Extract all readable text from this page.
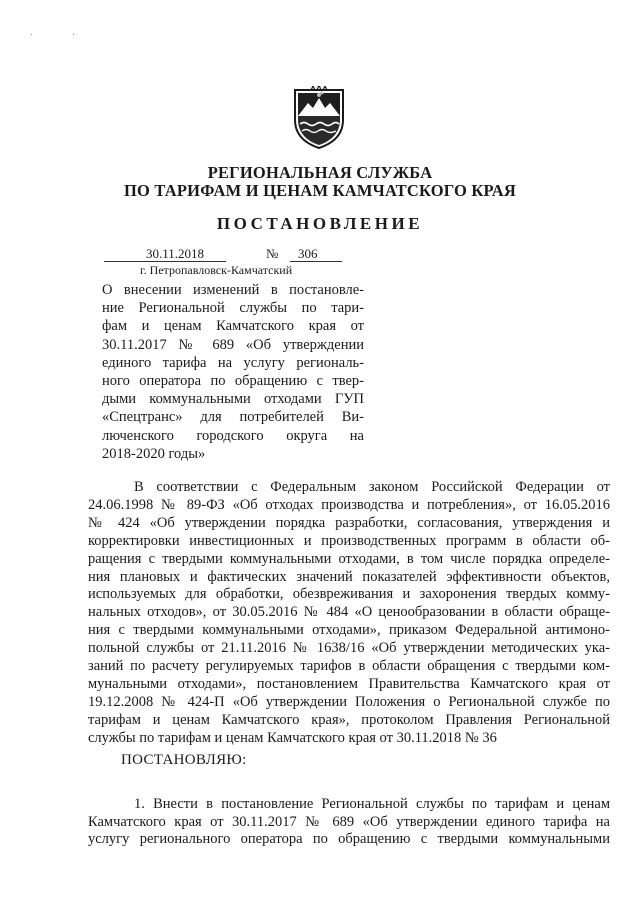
· ·
РЕГИОНАЛЬНАЯ СЛУЖБА
ПО ТАРИФАМ И ЦЕНАМ КАМЧАТСКОГО КРАЯ
ПОСТАНОВЛЕНИЕ
30.11.2018	№ 306
г. Петропавловск-Камчатский
О внесении изменений в постановле-
ние Региональной службы по тари-
фам и ценам Камчатского края от
30.11.2017 № 689 «Об утверждении
единого тарифа на услугу региональ-
ного оператора по обращению с твер-
дыми коммунальными отходами ГУП
«Спецтранс» для потребителей Ви-
люченского городского округа на
2018-2020 годы»
В соответствии с Федеральным законом Российской Федерации от
24.06.1998 № 89-ФЗ «Об отходах производства и потребления», от 16.05.2016
№ 424 «Об утверждении порядка разработки, согласования, утверждения и
корректировки инвестиционных и производственных программ в области об-
ращения с твердыми коммунальными отходами, в том числе порядка определе-
ния плановых и фактических значений показателей эффективности объектов,
используемых для обработки, обезвреживания и захоронения твердых комму-
нальных отходов», от 30.05.2016 № 484 «О ценообразовании в области обраще-
ния с твердыми коммунальными отходами», приказом Федеральной антимоно-
польной службы от 21.11.2016 № 1638/16 «Об утверждении методических ука-
заний по расчету регулируемых тарифов в области обращения с твердыми ком-
мунальными отходами», постановлением Правительства Камчатского края от
19.12.2008 № 424-П «Об утверждении Положения о Региональной службе по
тарифам и ценам Камчатского края», протоколом Правления Региональной
службы по тарифам и ценам Камчатского края от 30.11.2018 № 36
ПОСТАНОВЛЯЮ:
1. Внести в постановление Региональной службы по тарифам и ценам
Камчатского края от 30.11.2017 № 689 «Об утверждении единого тарифа на
услугу регионального оператора по обращению с твердыми коммунальными
